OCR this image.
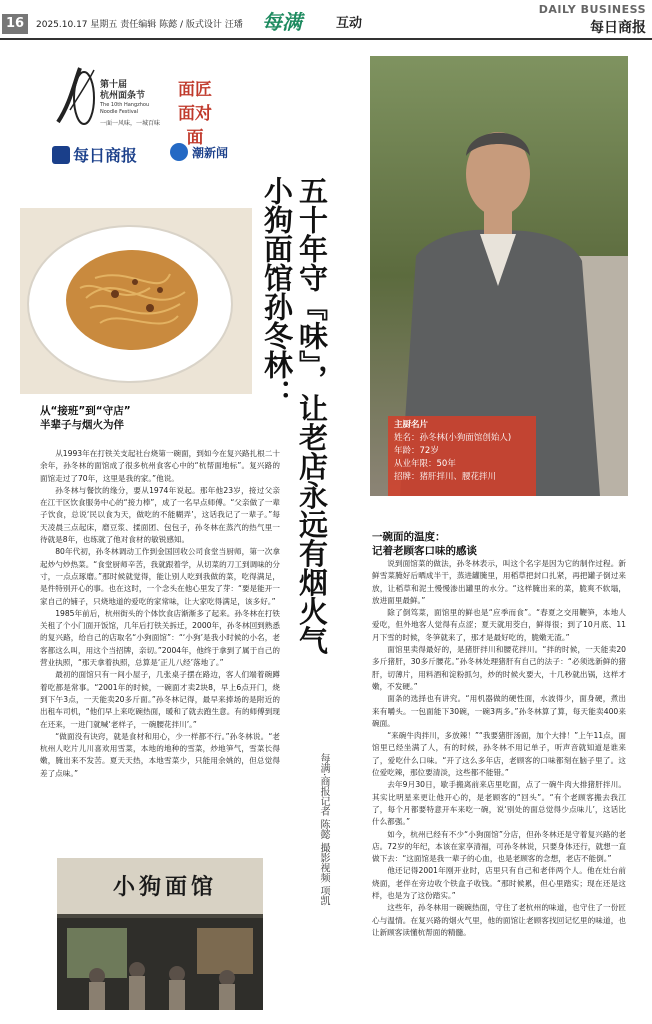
16	2025.10.17 星期五 责任编辑 陈懿 / 版式设计 汪璠 每满	互动
DAILY BUSINESS
每日商报
第十届
杭州面条节
The 10th Hangzhou Noodle Festival
一面一风味，一城百味
面匠
面对面
每日商报	潮新闻
五十年守『味』，让老店永远有烟火气
小狗面馆孙冬林：
每满·商报记者 陈懿 撮影视频 项凯
主厨名片
姓名：孙冬林(小狗面馆创始人)
年龄：72岁
从业年限：50年
招牌：猪肝拌川、腰花拌川
从“接班”到“守店”
半辈子与烟火为伴
一碗面的温度：
记着老顾客口味的感谈

从1993年在打铁关支起社台烧第一碗面，到如今在复兴路扎根二十余年，孙冬林的面馆成了很多杭州食客心中的“杭帮面地标”。复兴路的面馆走过了70年，这里是我的家。”他说。

孙冬林与餐饮的缘分，要从1974年说起。那年他23岁，接过父亲在江干区饮食服务中心的“接力棒”，成了一名早点师傅。“父亲做了一辈子饮食，总说‘民以食为天，做吃的不能糊弄’，这话我记了一辈子。”每天凌晨三点起床，磨豆浆、揉面团、包包子，孙冬林在蒸汽的热气里一待就是8年，也练就了他对食材的敏锐感知。

80年代初，孙冬林调动工作到金国回收公司食堂当厨师，第一次拿起炒勺炒热菜。“食堂厨师辛苦，我就跟着学，从切菜的刀工到调味的分寸，一点点琢磨。”那时候就觉得，能让别人吃到我做的菜，吃得满足，是件特别开心的事。也在这时，一个念头在他心里发了芽：“要是能开一家自己的铺子，只烧地道的爱吃的家常味，让大家吃得满足，该多好。”

1985年前后，杭州街头的个体饮食店渐渐多了起来。孙冬林在打铁关租了个小门面开饭馆，几年后打铁关拆迁，2000年，孙冬林回到熟悉的复兴路，给自己的店取名“小狗面馆”：“‘小狗’是我小时候的小名，老客都这么叫，用这个当招牌，亲切。”2004年，他终于拿到了属于自己的营业执照，“那天拿着执照，总算是‘正儿八经’落地了。”

最初的面馆只有一间小屋子，几张桌子摆在路边，客人们端着碗蹲着吃都是常事。“2001年的时候，一碗面才卖2块8，早上6点开门，烧到下午3点，一天能卖20多斤面。”孙冬林记得，最早来捧场的是附近的出租车司机，“他们早上来吃碗热面，暖和了就去跑生意。有的师傅到现在还来，一进门就喊‘老样子，一碗腰花拌川’。”

“做面没有诀窍，就是食材和用心，少一样都不行。”孙冬林说。“老杭州人吃片儿川喜欢用雪菜，本地的地种的雪菜，炒地笋气，雪菜长得嫩，腌出来不发苦。夏天天热，本地雪菜少，只能用余姚的，但总觉得差了点味。”

说到面馆菜的做法，孙冬林表示，叫这个名字是因为它的制作过程。新鲜雪菜腌好后晒成半干，蒸进罐腌里，用稻草把封口扎紧，再把罐子倒过来放，让稻草和泥土慢慢渗出罐里的水分。“这样腌出来的菜，脆爽不软塌，放进面里最鲜。”

除了倒笃菜，面馆里的鲜也是“应季而食”。“春夏之交用鞭笋，本地人爱吃，但外地客人觉得有点涩；夏天就用茭白，鲜得很；到了10月底、11月下雪的时候，冬笋就来了，那才是最好吃的，脆嫩无渣。”

面馆里卖得最好的，是猪肝拌川和腰花拌川。“拌的时候，一天能卖20多斤猪肝，30多斤腰花。”孙冬林处理猪肝有自己的法子：“必须选新鲜的猪肝，切薄片，用料酒和淀粉抓匀，炒的时候火要大，十几秒就出锅，这样才嫩，不发硬。”

面条的选择也有讲究。“用机器做的硬性面，水波得少，面身硬，煮出来有嚼头。一包面能下30碗，一碗3两多。”孙冬林算了算，每天能卖400来碗面。

“来碗牛肉拌川，多放辣！”“我要猪肝汤面，加个大排！”上午11点，面馆里已经坐满了人，有的时候，孙冬林不用记单子，听声音就知道是谁来了，爱吃什么口味。“开了这么多年店，老顾客的口味都刻在脑子里了。这位爱吃辣，那位要清淡，这些都不能错。”

去年9月30日，歇手搬离前来店里吃面，点了一碗牛肉大排猪肝拌川。其实比明星来更让他开心的，是老顾客的“回头”。“有个老顾客搬去我江了，每个月都要特意开车来吃一碗，说‘别处的面总觉得少点味儿’，这话比什么都强。”

如今，杭州已经有不少“小狗面馆”分店，但孙冬林还是守着复兴路的老店。72岁的年纪，本该在家享清福，可孙冬林说，只要身体还行，就想一直做下去：“这面馆是我一辈子的心血，也是老顾客的念想，老店不能倒。”

他还记得2001年刚开业时，店里只有自己和老伴两个人。他在灶台前烧面，老伴在旁边收个铁盒子收钱。“那时候累，但心里踏实；现在还是这样，也是为了这份踏实。”

这些年，孙冬林用一碗碗热面，守住了老杭州的味道，也守住了一份匠心与温情。在复兴路的烟火气里，他的面馆让老顾客找回记忆里的味道，也让新顾客读懂杭帮面的精髓。

小狗面馆
